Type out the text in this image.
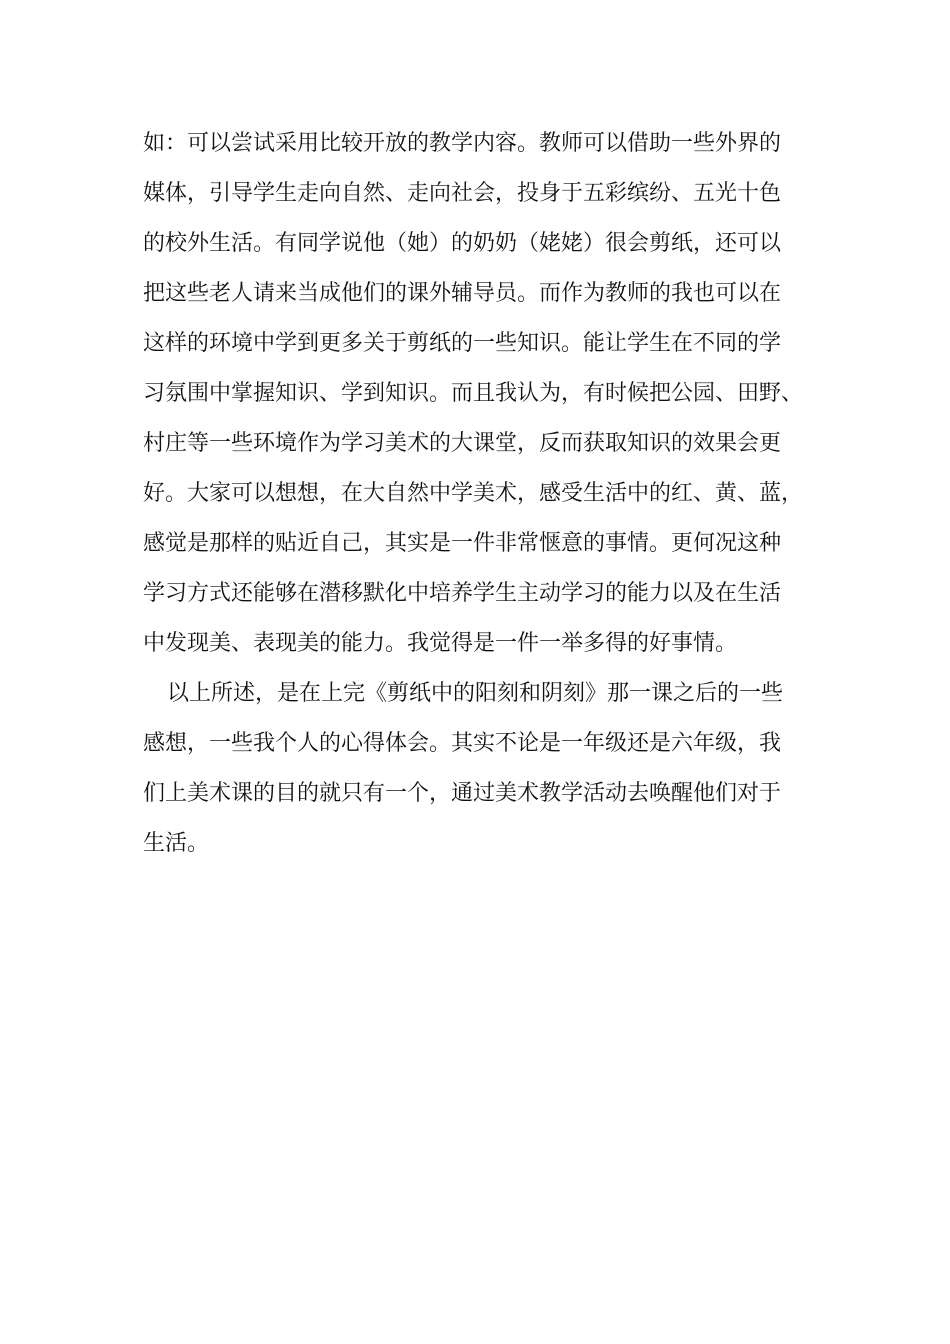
如：可以尝试采用比较开放的教学内容。教师可以借助一些外界的
媒体，引导学生走向自然、走向社会，投身于五彩缤纷、五光十色
的校外生活。有同学说他（她）的奶奶（姥姥）很会剪纸，还可以
把这些老人请来当成他们的课外辅导员。而作为教师的我也可以在
这样的环境中学到更多关于剪纸的一些知识。能让学生在不同的学
习氛围中掌握知识、学到知识。而且我认为，有时候把公园、田野、
村庄等一些环境作为学习美术的大课堂，反而获取知识的效果会更
好。大家可以想想，在大自然中学美术，感受生活中的红、黄、蓝，
感觉是那样的贴近自己，其实是一件非常惬意的事情。更何况这种
学习方式还能够在潜移默化中培养学生主动学习的能力以及在生活
中发现美、表现美的能力。我觉得是一件一举多得的好事情。
以上所述，是在上完《剪纸中的阳刻和阴刻》那一课之后的一些
感想，一些我个人的心得体会。其实不论是一年级还是六年级，我
们上美术课的目的就只有一个，通过美术教学活动去唤醒他们对于
生活。
